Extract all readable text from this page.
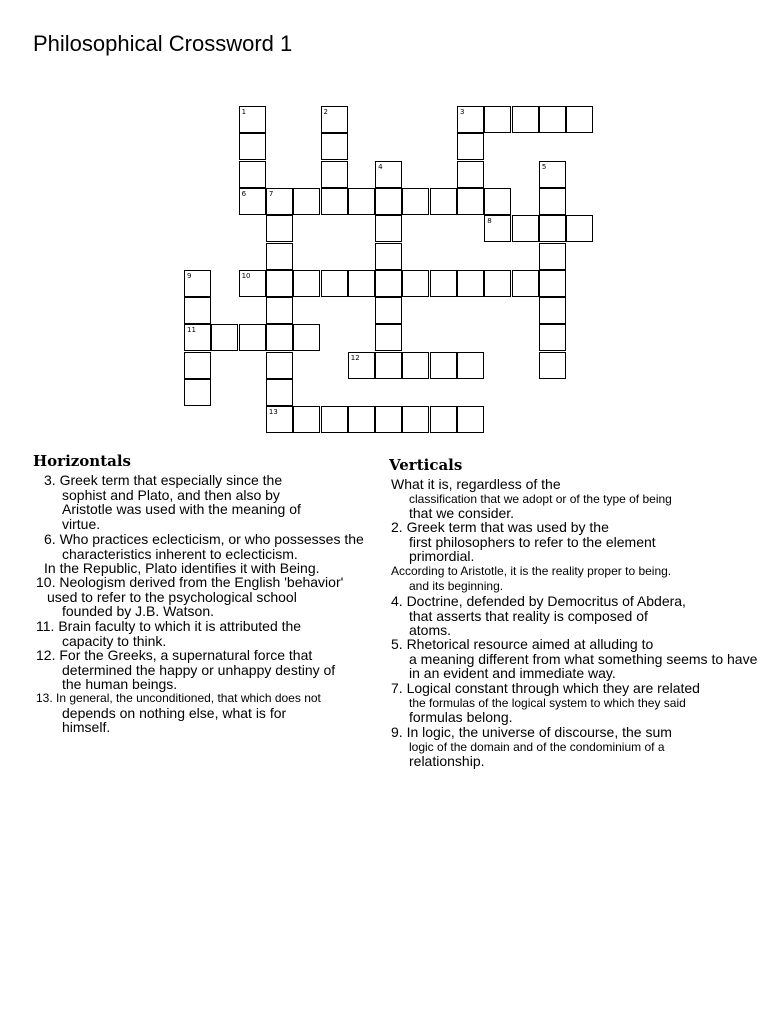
Philosophical Crossword 1
1
6
2	3
4	5
7
13
8
9
11
10
12
Horizontals
3. Greek term that especially since the
sophist and Plato, and then also by
Aristotle was used with the meaning of
virtue.
6. Who practices eclecticism, or who possesses the
characteristics inherent to eclecticism.
In the Republic, Plato identifies it with Being.
10. Neologism derived from the English 'behavior'
used to refer to the psychological school
founded by J.B. Watson.
11. Brain faculty to which it is attributed the
capacity to think.
12. For the Greeks, a supernatural force that
determined the happy or unhappy destiny of
the human beings.
13. In general, the unconditioned, that which does not
depends on nothing else, what is for
himself.
Verticals
What it is, regardless of the
classification that we adopt or of the type of being
that we consider.
2. Greek term that was used by the
first philosophers to refer to the element
primordial.
According to Aristotle, it is the reality proper to being.
and its beginning.
4. Doctrine, defended by Democritus of Abdera,
that asserts that reality is composed of
atoms.
5. Rhetorical resource aimed at alluding to
a meaning different from what something seems to have
in an evident and immediate way.
7. Logical constant through which they are related
the formulas of the logical system to which they said
formulas belong.
9. In logic, the universe of discourse, the sum
logic of the domain and of the condominium of a
relationship.
